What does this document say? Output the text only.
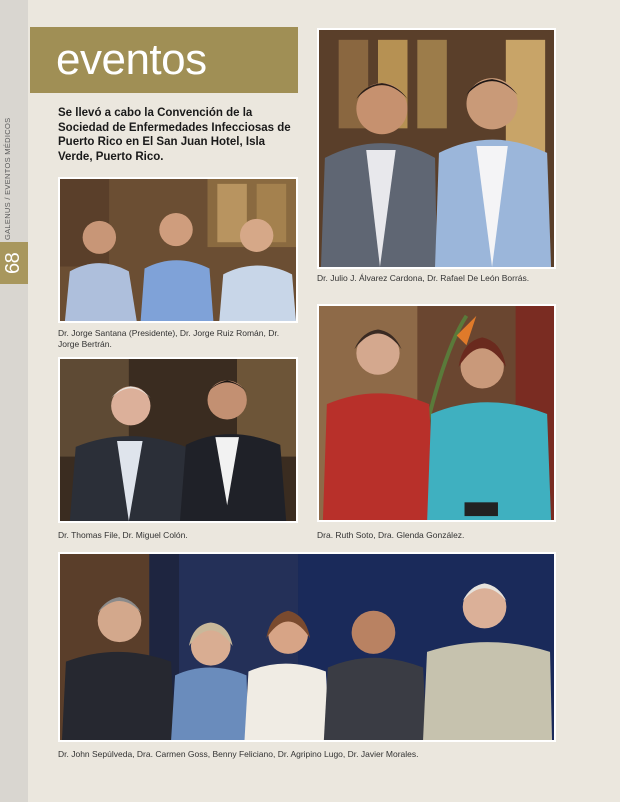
GALENUS / EVENTOS MÉDICOS
68
eventos
Se llevó a cabo la Convención de la Sociedad de Enfermedades Infecciosas de Puerto Rico en El San Juan Hotel, Isla Verde, Puerto Rico.
Dr. Jorge Santana (Presidente), Dr. Jorge Ruiz Román, Dr. Jorge Bertrán.
Dr. Julio J. Álvarez Cardona, Dr. Rafael De León Borrás.
Dr. Thomas File, Dr. Miguel Colón.	Dra. Ruth Soto, Dra. Glenda González.
Dr. John Sepúlveda, Dra. Carmen Goss, Benny Feliciano, Dr. Agripino Lugo, Dr. Javier Morales.
